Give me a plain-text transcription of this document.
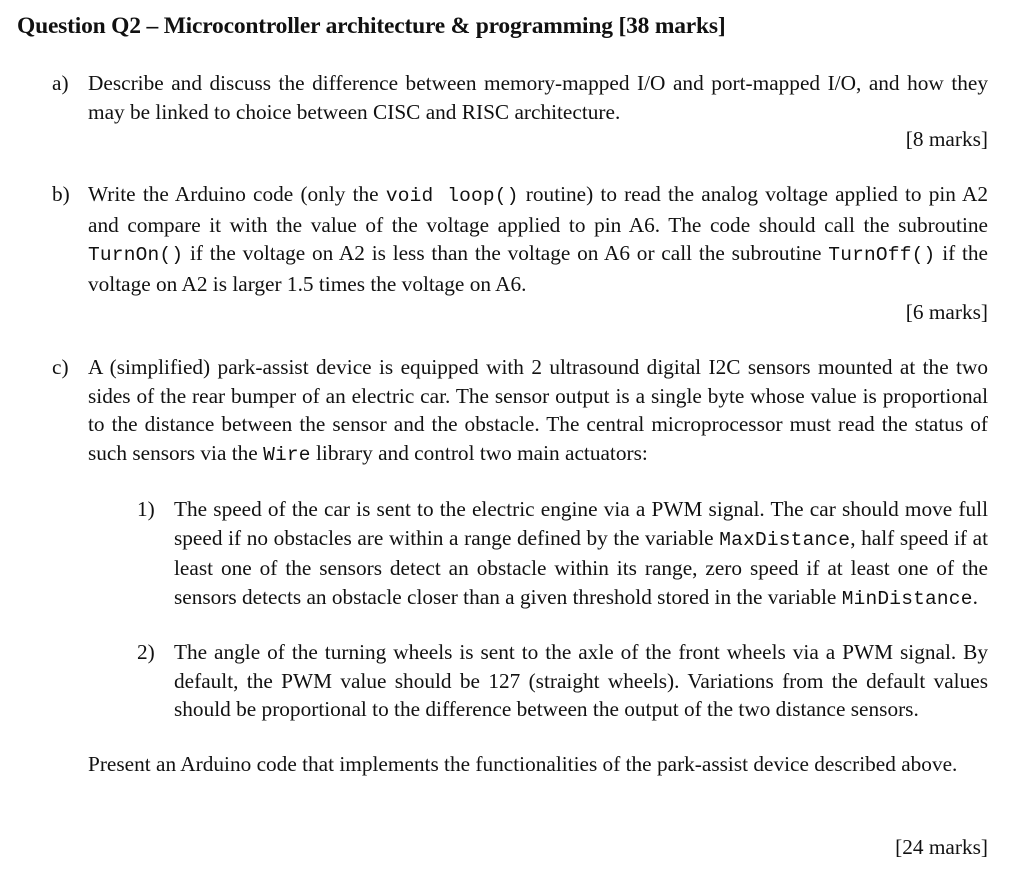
Question Q2 – Microcontroller architecture & programming [38 marks]
a) Describe and discuss the difference between memory-mapped I/O and port-mapped I/O, and how they may be linked to choice between CISC and RISC architecture.
[8 marks]
b) Write the Arduino code (only the void loop() routine) to read the analog voltage applied to pin A2 and compare it with the value of the voltage applied to pin A6. The code should call the subroutine TurnOn() if the voltage on A2 is less than the voltage on A6 or call the subroutine TurnOff() if the voltage on A2 is larger 1.5 times the voltage on A6.
[6 marks]
c) A (simplified) park-assist device is equipped with 2 ultrasound digital I2C sensors mounted at the two sides of the rear bumper of an electric car. The sensor output is a single byte whose value is proportional to the distance between the sensor and the obstacle. The central microprocessor must read the status of such sensors via the Wire library and control two main actuators:
1) The speed of the car is sent to the electric engine via a PWM signal. The car should move full speed if no obstacles are within a range defined by the variable MaxDistance, half speed if at least one of the sensors detect an obstacle within its range, zero speed if at least one of the sensors detects an obstacle closer than a given threshold stored in the variable MinDistance.
2) The angle of the turning wheels is sent to the axle of the front wheels via a PWM signal. By default, the PWM value should be 127 (straight wheels). Variations from the default values should be proportional to the difference between the output of the two distance sensors.
Present an Arduino code that implements the functionalities of the park-assist device described above.
[24 marks]
